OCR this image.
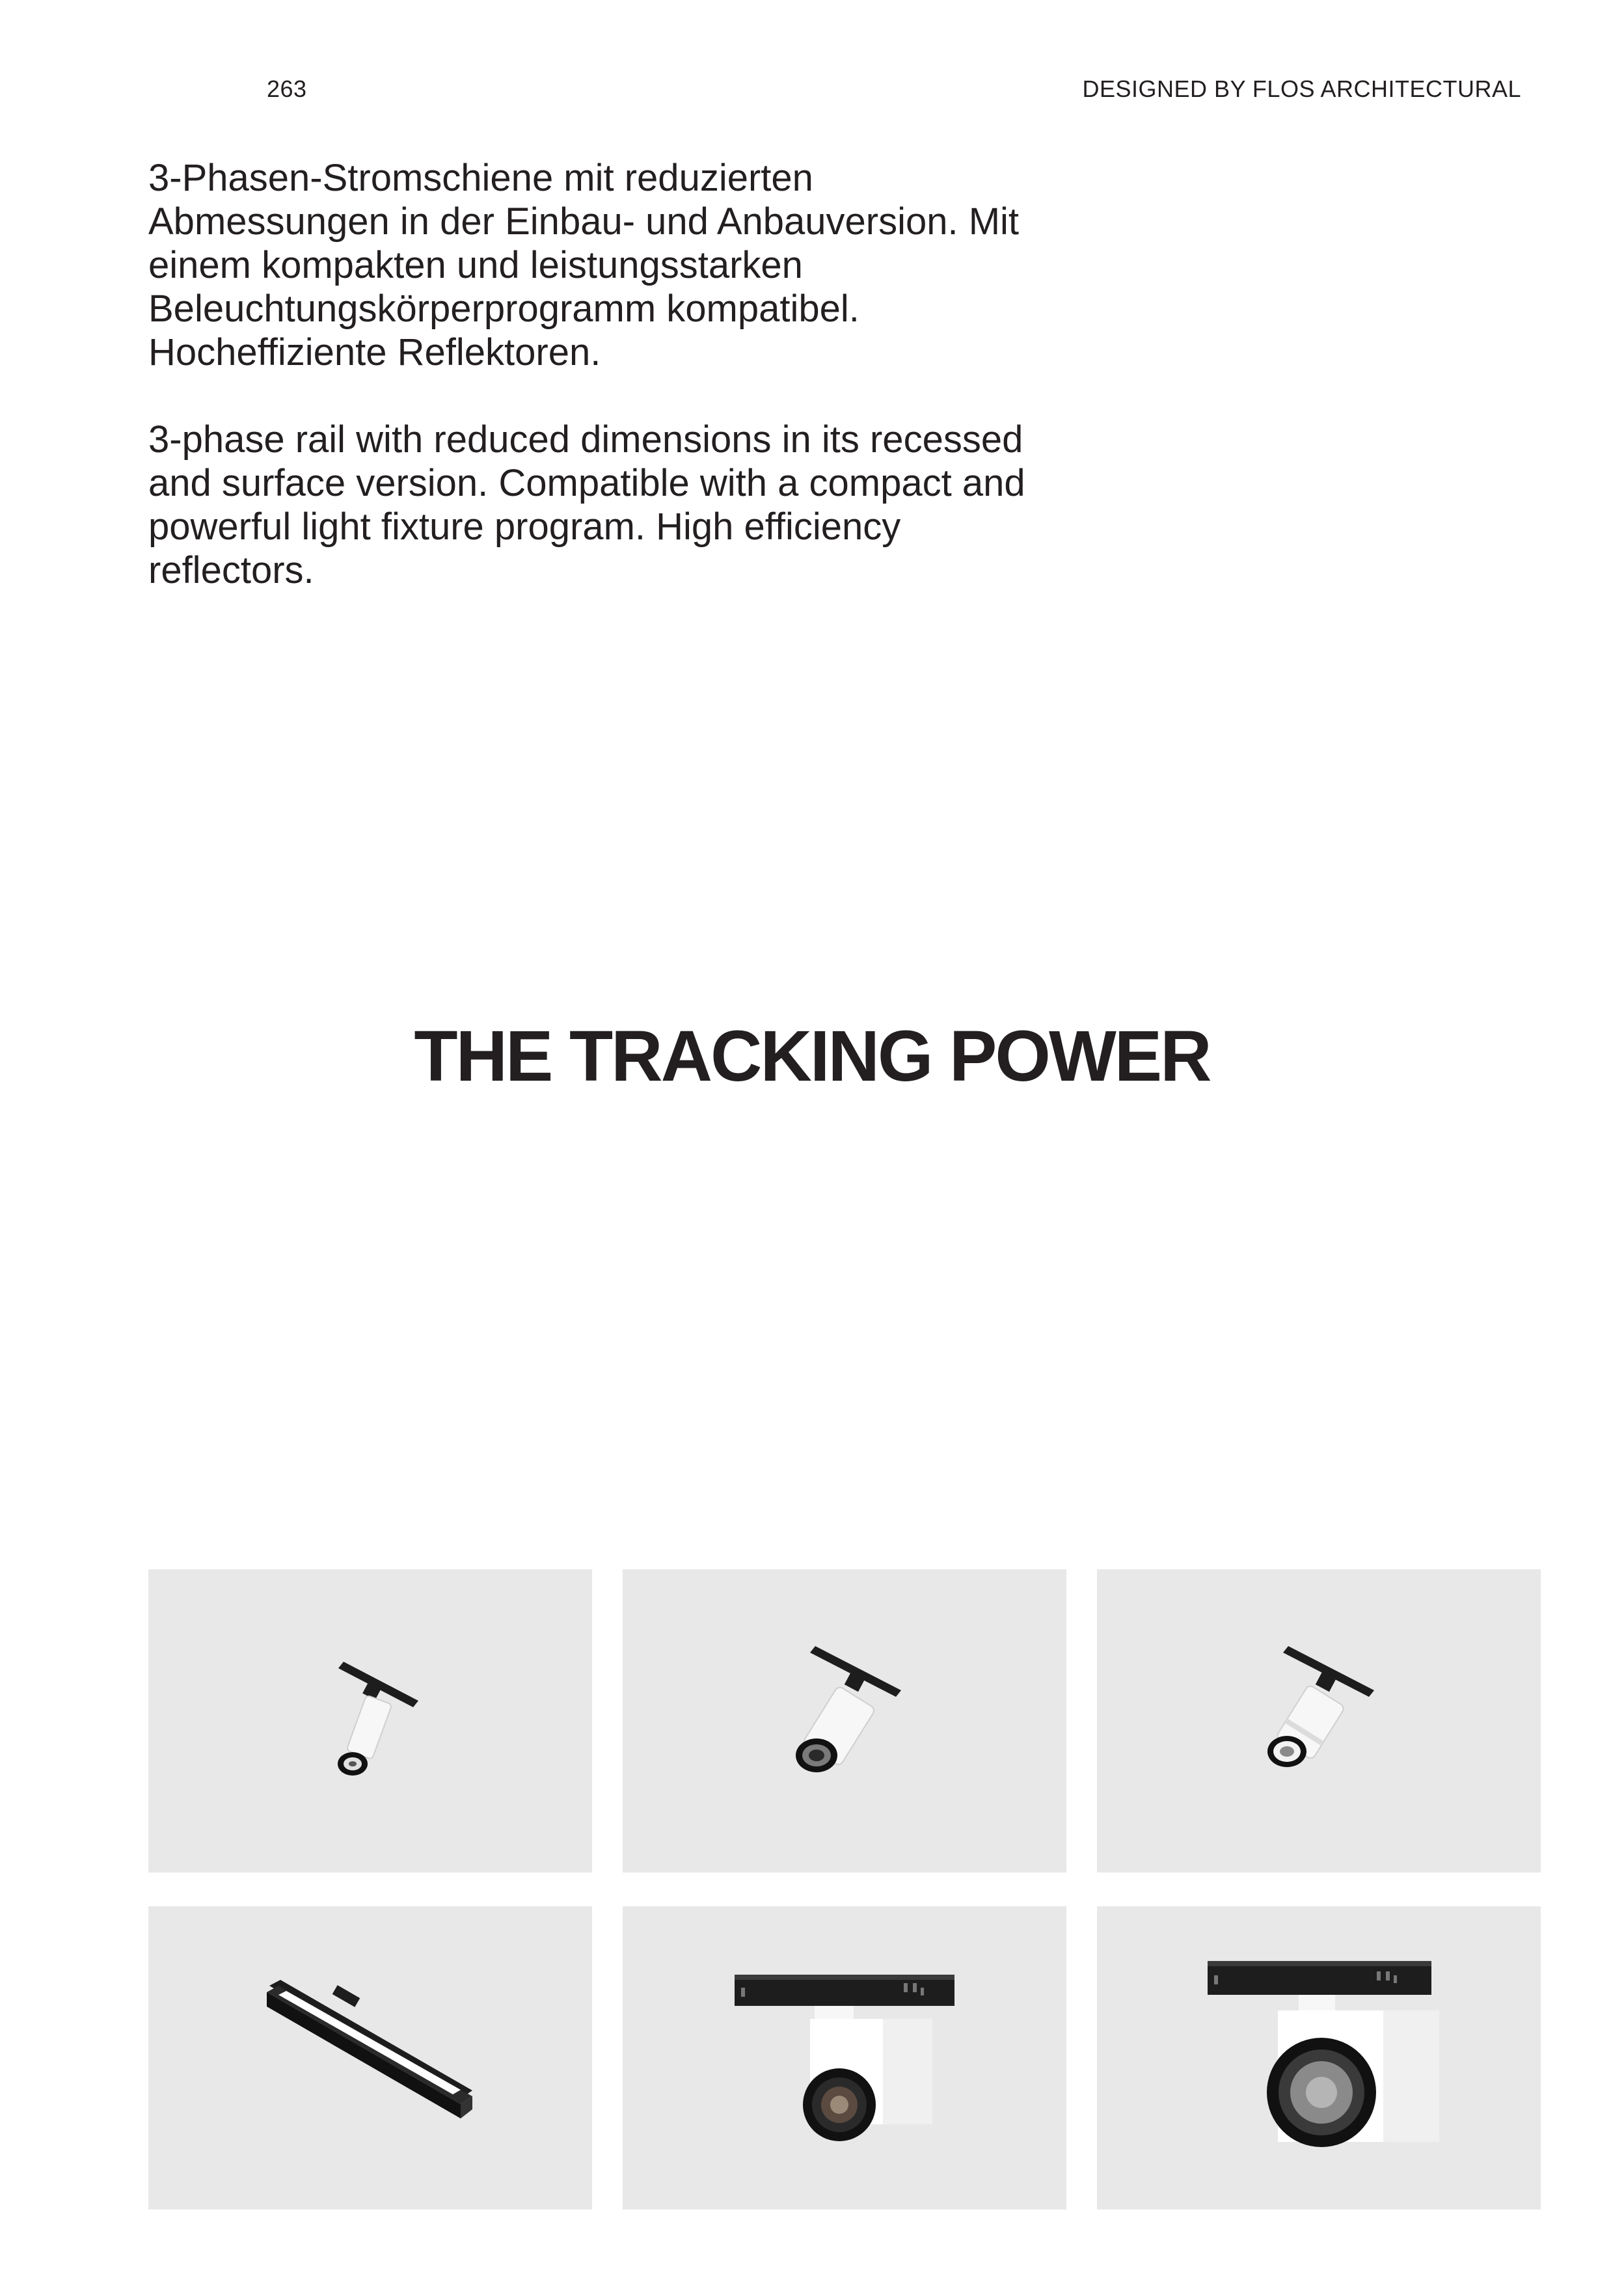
263	DESIGNED BY FLOS ARCHITECTURAL

3-Phasen-Stromschiene mit reduzierten Abmessungen in der Einbau- und Anbauversion. Mit einem kompakten und leistungsstarken Beleuchtungskörperprogramm kompatibel. Hocheffiziente Reflektoren.

3-phase rail with reduced dimensions in its recessed and surface version. Compatible with a compact and powerful light fixture program. High efficiency reflectors.

THE TRACKING POWER
